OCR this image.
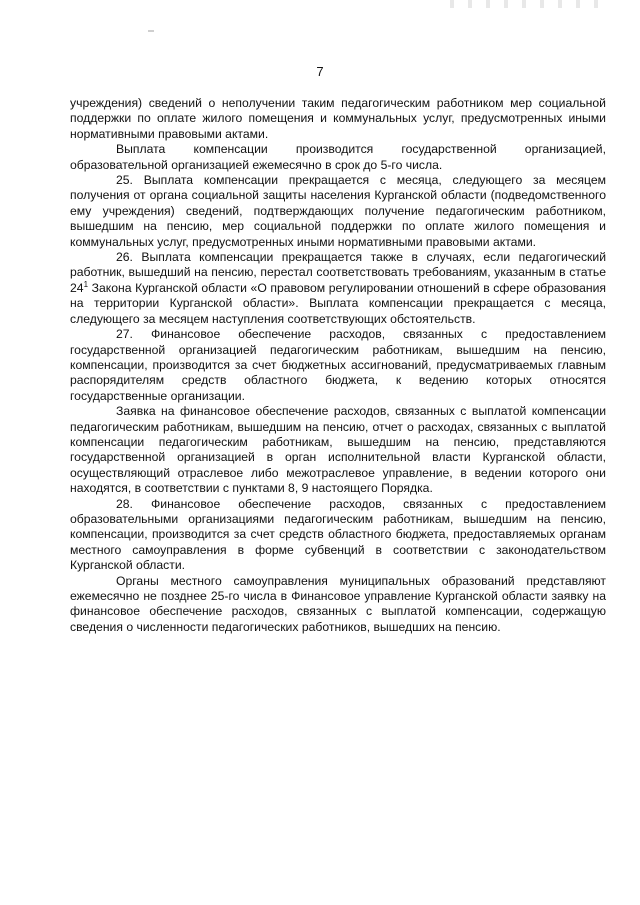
7

учреждения) сведений о неполучении таким педагогическим работником мер социальной поддержки по оплате жилого помещения и коммунальных услуг, предусмотренных иными нормативными правовыми актами.

Выплата компенсации производится государственной организацией, образовательной организацией ежемесячно в срок до 5-го числа.

25. Выплата компенсации прекращается с месяца, следующего за месяцем получения от органа социальной защиты населения Курганской области (подведомственного ему учреждения) сведений, подтверждающих получение педагогическим работником, вышедшим на пенсию, мер социальной поддержки по оплате жилого помещения и коммунальных услуг, предусмотренных иными нормативными правовыми актами.

26. Выплата компенсации прекращается также в случаях, если педагогический работник, вышедший на пенсию, перестал соответствовать требованиям, указанным в статье $24^1$ Закона Курганской области «О правовом регулировании отношений в сфере образования на территории Курганской области». Выплата компенсации прекращается с месяца, следующего за месяцем наступления соответствующих обстоятельств.

27. Финансовое обеспечение расходов, связанных с предоставлением государственной организацией педагогическим работникам, вышедшим на пенсию, компенсации, производится за счет бюджетных ассигнований, предусматриваемых главным распорядителям средств областного бюджета, к ведению которых относятся государственные организации.

Заявка на финансовое обеспечение расходов, связанных с выплатой компенсации педагогическим работникам, вышедшим на пенсию, отчет о расходах, связанных с выплатой компенсации педагогическим работникам, вышедшим на пенсию, представляются государственной организацией в орган исполнительной власти Курганской области, осуществляющий отраслевое либо межотраслевое управление, в ведении которого они находятся, в соответствии с пунктами 8, 9 настоящего Порядка.

28. Финансовое обеспечение расходов, связанных с предоставлением образовательными организациями педагогическим работникам, вышедшим на пенсию, компенсации, производится за счет средств областного бюджета, предоставляемых органам местного самоуправления в форме субвенций в соответствии с законодательством Курганской области.

Органы местного самоуправления муниципальных образований представляют ежемесячно не позднее 25-го числа в Финансовое управление Курганской области заявку на финансовое обеспечение расходов, связанных с выплатой компенсации, содержащую сведения о численности педагогических работников, вышедших на пенсию.
